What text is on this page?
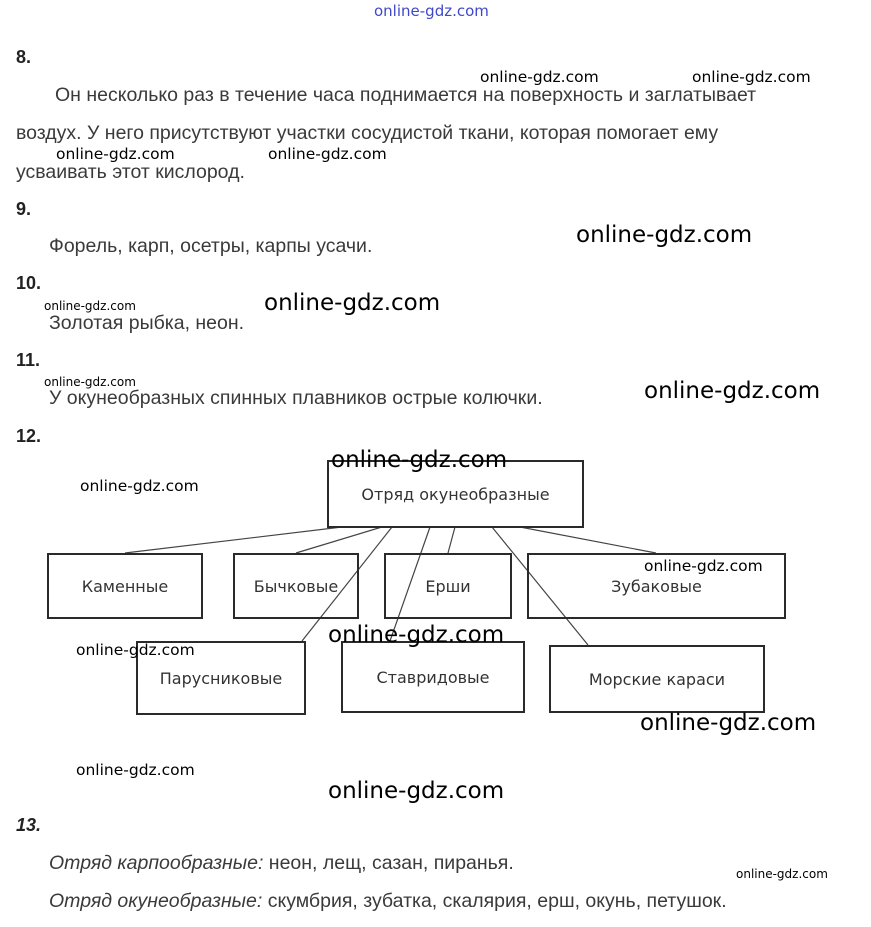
online-gdz.com
8.
Он несколько раз в течение часа поднимается на поверхность и заглатывает
воздух. У него присутствуют участки сосудистой ткани, которая помогает ему
усваивать этот кислород.
9.
Форель, карп, осетры, карпы усачи.
10.
Золотая рыбка, неон.
11.
У окунеобразных спинных плавников острые колючки.
12.
Отряд окунеобразные
Каменные	Бычковые	Ерши	Зубаковые
Парусниковые	Ставридовые	Морские караси
13.
Отряд карпообразные: неон, лещ, сазан, пиранья.
Отряд окунеобразные: скумбрия, зубатка, скалярия, ерш, окунь, петушок.
online-gdz.com	online-gdz.com
online-gdz.com	online-gdz.com
online-gdz.com
online-gdz.com	online-gdz.com
online-gdz.com	online-gdz.com
online-gdz.com
online-gdz.com
online-gdz.com
online-gdz.com
online-gdz.com
online-gdz.com
online-gdz.com
online-gdz.com
online-gdz.com
